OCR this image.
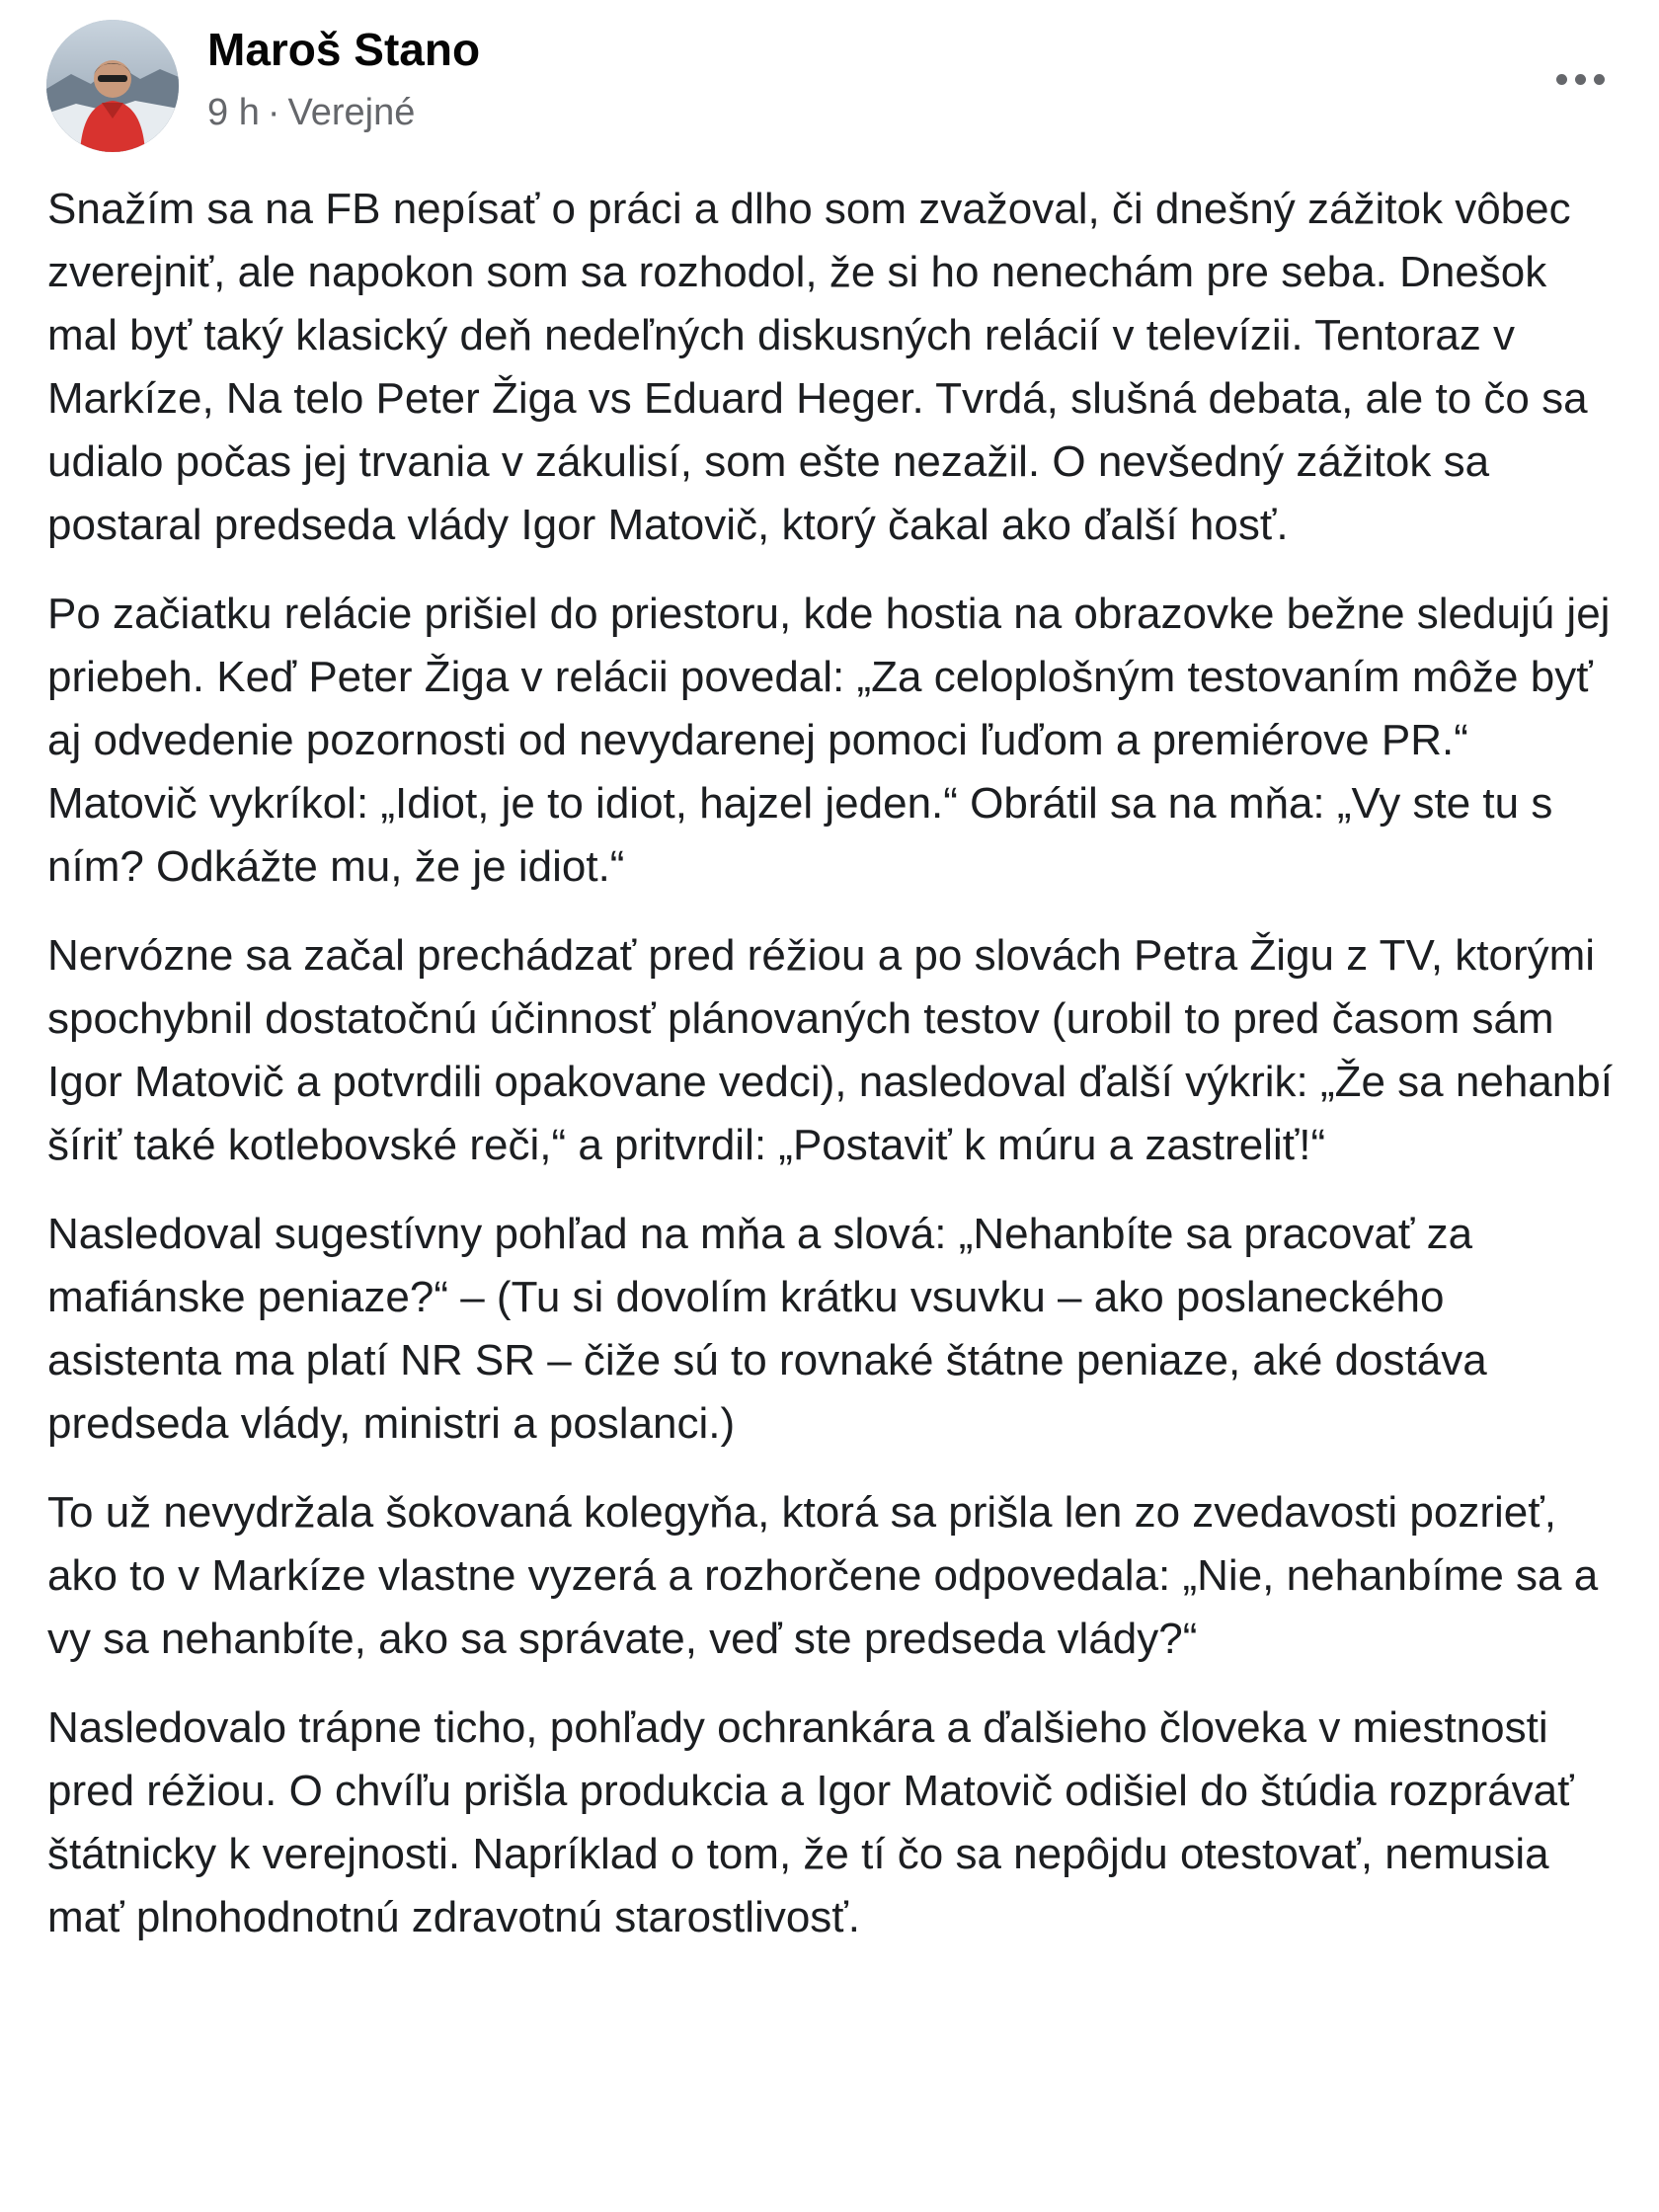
Maroš Stano
9 h · Verejné

Snažím sa na FB nepísať o práci a dlho som zvažoval, či dnešný zážitok vôbec zverejniť, ale napokon som sa rozhodol, že si ho nenechám pre seba. Dnešok mal byť taký klasický deň nedeľných diskusných relácií v televízii. Tentoraz v Markíze, Na telo Peter Žiga vs Eduard Heger. Tvrdá, slušná debata, ale to čo sa udialo počas jej trvania v zákulisí, som ešte nezažil. O nevšedný zážitok sa postaral predseda vlády Igor Matovič, ktorý čakal ako ďalší hosť.

Po začiatku relácie prišiel do priestoru, kde hostia na obrazovke bežne sledujú jej priebeh. Keď Peter Žiga v relácii povedal: „Za celoplošným testovaním môže byť aj odvedenie pozornosti od nevydarenej pomoci ľuďom a premiérove PR.“ Matovič vykríkol: „Idiot, je to idiot, hajzel jeden.“ Obrátil sa na mňa: „Vy ste tu s ním? Odkážte mu, že je idiot.“

Nervózne sa začal prechádzať pred réžiou a po slovách Petra Žigu z TV, ktorými spochybnil dostatočnú účinnosť plánovaných testov (urobil to pred časom sám Igor Matovič a potvrdili opakovane vedci), nasledoval ďalší výkrik: „Že sa nehanbí šíriť také kotlebovské reči,“ a pritvrdil: „Postaviť k múru a zastreliť!“

Nasledoval sugestívny pohľad na mňa a slová: „Nehanbíte sa pracovať za mafiánske peniaze?“ – (Tu si dovolím krátku vsuvku – ako poslaneckého asistenta ma platí NR SR – čiže sú to rovnaké štátne peniaze, aké dostáva predseda vlády, ministri a poslanci.)

To už nevydržala šokovaná kolegyňa, ktorá sa prišla len zo zvedavosti pozrieť, ako to v Markíze vlastne vyzerá a rozhorčene odpovedala: „Nie, nehanbíme sa a vy sa nehanbíte, ako sa správate, veď ste predseda vlády?“

Nasledovalo trápne ticho, pohľady ochrankára a ďalšieho človeka v miestnosti pred réžiou. O chvíľu prišla produkcia a Igor Matovič odišiel do štúdia rozprávať štátnicky k verejnosti. Napríklad o tom, že tí čo sa nepôjdu otestovať, nemusia mať plnohodnotnú zdravotnú starostlivosť.
